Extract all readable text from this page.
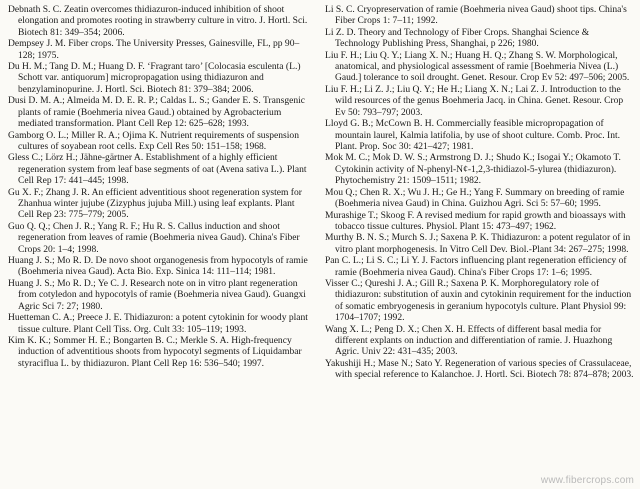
Debnath S. C. Zeatin overcomes thidiazuron-induced inhibition of shoot elongation and promotes rooting in strawberry culture in vitro. J. Hortl. Sci. Biotech 81: 349–354; 2006.

Dempsey J. M. Fiber crops. The University Presses, Gainesville, FL, pp 90–128; 1975.

Du H. M.; Tang D. M.; Huang D. F. ‘Fragrant taro’ [Colocasia esculenta (L.) Schott var. antiquorum] micropropagation using thidiazuron and benzylaminopurine. J. Hortl. Sci. Biotech 81: 379–384; 2006.

Dusi D. M. A.; Almeida M. D. E. R. P.; Caldas L. S.; Gander E. S. Transgenic plants of ramie (Boehmeria nivea Gaud.) obtained by Agrobacterium mediated transformation. Plant Cell Rep 12: 625–628; 1993.

Gamborg O. L.; Miller R. A.; Ojima K. Nutrient requirements of suspension cultures of soyabean root cells. Exp Cell Res 50: 151–158; 1968.

Gless C.; Lörz H.; Jähne-gärtner A. Establishment of a highly efficient regeneration system from leaf base segments of oat (Avena sativa L.). Plant Cell Rep 17: 441–445; 1998.

Gu X. F.; Zhang J. R. An efficient adventitious shoot regeneration system for Zhanhua winter jujube (Zizyphus jujuba Mill.) using leaf explants. Plant Cell Rep 23: 775–779; 2005.

Guo Q. Q.; Chen J. R.; Yang R. F.; Hu R. S. Callus induction and shoot regeneration from leaves of ramie (Boehmeria nivea Gaud). China's Fiber Crops 20: 1–4; 1998.

Huang J. S.; Mo R. D. De novo shoot organogenesis from hypocotyls of ramie (Boehmeria nivea Gaud). Acta Bio. Exp. Sinica 14: 111–114; 1981.

Huang J. S.; Mo R. D.; Ye C. J. Research note on in vitro plant regeneration from cotyledon and hypocotyls of ramie (Boehmeria nivea Gaud). Guangxi Agric Sci 7: 27; 1980.

Huetteman C. A.; Preece J. E. Thidiazuron: a potent cytokinin for woody plant tissue culture. Plant Cell Tiss. Org. Cult 33: 105–119; 1993.

Kim K. K.; Sommer H. E.; Bongarten B. C.; Merkle S. A. High-frequency induction of adventitious shoots from hypocotyl segments of Liquidambar styraciflua L. by thidiazuron. Plant Cell Rep 16: 536–540; 1997.

Li S. C. Cryopreservation of ramie (Boehmeria nivea Gaud) shoot tips. China's Fiber Crops 1: 7–11; 1992.

Li Z. D. Theory and Technology of Fiber Crops. Shanghai Science & Technology Publishing Press, Shanghai, p 226; 1980.

Liu F. H.; Liu Q. Y.; Liang X. N.; Huang H. Q.; Zhang S. W. Morphological, anatomical, and physiological assessment of ramie [Boehmeria Nivea (L.) Gaud.] tolerance to soil drought. Genet. Resour. Crop Ev 52: 497–506; 2005.

Liu F. H.; Li Z. J.; Liu Q. Y.; He H.; Liang X. N.; Lai Z. J. Introduction to the wild resources of the genus Boehmeria Jacq. in China. Genet. Resour. Crop Ev 50: 793–797; 2003.

Lloyd G. B.; McCown B. H. Commercially feasible micropropagation of mountain laurel, Kalmia latifolia, by use of shoot culture. Comb. Proc. Int. Plant. Prop. Soc 30: 421–427; 1981.

Mok M. C.; Mok D. W. S.; Armstrong D. J.; Shudo K.; Isogai Y.; Okamoto T. Cytokinin activity of N-phenyl-N¢-1,2,3-thidiazol-5-ylurea (thidiazuron). Phytochemistry 21: 1509–1511; 1982.

Mou Q.; Chen R. X.; Wu J. H.; Ge H.; Yang F. Summary on breeding of ramie (Boehmeria nivea Gaud) in China. Guizhou Agri. Sci 5: 57–60; 1995.

Murashige T.; Skoog F. A revised medium for rapid growth and bioassays with tobacco tissue cultures. Physiol. Plant 15: 473–497; 1962.

Murthy B. N. S.; Murch S. J.; Saxena P. K. Thidiazuron: a potent regulator of in vitro plant morphogenesis. In Vitro Cell Dev. Biol.-Plant 34: 267–275; 1998.

Pan C. L.; Li S. C.; Li Y. J. Factors influencing plant regeneration efficiency of ramie (Boehmeria nivea Gaud). China's Fiber Crops 17: 1–6; 1995.

Visser C.; Qureshi J. A.; Gill R.; Saxena P. K. Morphoregulatory role of thidiazuron: substitution of auxin and cytokinin requirement for the induction of somatic embryogenesis in geranium hypocotyls culture. Plant Physiol 99: 1704–1707; 1992.

Wang X. L.; Peng D. X.; Chen X. H. Effects of different basal media for different explants on induction and differentiation of ramie. J. Huazhong Agric. Univ 22: 431–435; 2003.

Yakushiji H.; Mase N.; Sato Y. Regeneration of various species of Crassulaceae, with special reference to Kalanchoe. J. Hortl. Sci. Biotech 78: 874–878; 2003.

www.fibercrops.com
